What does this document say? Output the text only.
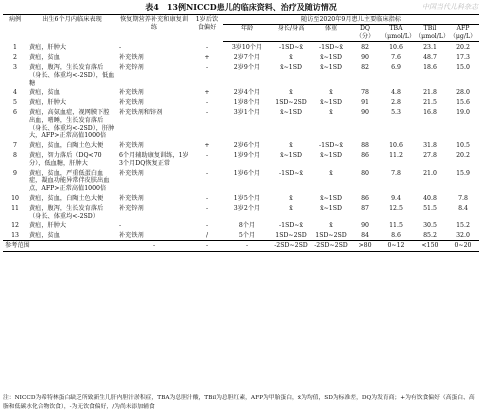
表4　13例NICCD患儿的临床资料、治疗及随访情况	中国当代儿科杂志
病例	出生6个月内临床表现	恢复期营养补充和康复训练	1岁后饮食偏好	随访至2020年9月患儿主要临床指标						
				年龄	身长/身高	体重	DQ（分）	TBA（μmol/L）	TBil（μmol/L）	AFP（μg/L）
1	黄疸，肝肿大	-	-	3岁10个月	-1SD~x̄	-1SD~x̄	82	10.6	23.1	20.2
2	黄疸，贫血	补充铁剂	+	2岁7个月	x̄	x̄~1SD	90	7.6	48.7	17.3
3	黄疸，腹泻，生长发育落后（身长、体重均<-2SD），低血糖	补充锌剂	-	2岁9个月	x̄~1SD	x̄~1SD	82	6.9	18.6	15.0
4	黄疸，贫血	补充铁剂	+	2岁4个月	x̄	x̄	78	4.8	21.8	28.0
5	黄疸，肝肿大	补充铁剂	-	1岁8个月	1SD~2SD	x̄~1SD	91	2.8	21.5	15.6
6	黄疸，高氨血症，视网膜下腔出血，嗜睡，生长发育落后（身长、体重均<-2SD），肝肿大，AFP>正常高值1000倍	补充铁剂和锌剂	-	3岁1个月	x̄~1SD	x̄	90	5.3	16.8	19.0
7	黄疸，贫血，白陶土色大便	补充铁剂	+	2岁6个月	x̄	-1SD~x̄	88	10.6	31.8	10.5
8	黄疸，智力落后（DQ<70分），低血糖，肝肿大	6个月辅助康复训练，1岁3个月DQ恢复正常	-	1岁9个月	x̄~1SD	x̄~1SD	86	11.2	27.8	20.2
9	黄疸，贫血，严重低蛋白血症，凝血功能异常伴皮肤出血点，AFP>正常高值1000倍	补充铁剂	-	1岁6个月	-1SD~x̄	x̄	80	7.8	21.0	15.9
10	黄疸，贫血，白陶土色大便	补充铁剂	-	1岁5个月	x̄	x̄~1SD	86	9.4	40.8	7.8
11	黄疸，腹泻，生长发育落后（身长、体重均<-2SD）	补充锌剂	-	3岁2个月	x̄	x̄~1SD	87	12.5	51.5	8.4
12	黄疸，肝肿大	-	-	8个月	-1SD~x̄	x̄	90	11.5	30.5	15.2
13	黄疸，贫血	补充铁剂	/	5个月	1SD~2SD	1SD~2SD	84	8.6	85.2	32.0
参考范围		-	-	-	-2SD~2SD	-2SD~2SD	>80	0~12	<150	0~20
注：NICCD为希特林蛋白缺乏所致新生儿肝内胆汁淤积症，TBA为总胆汁酸，TBil为总胆红素，AFP为甲胎蛋白，x̄为均值，SD为标准差，DQ为发育商；+为有饮食偏好（高蛋白、高脂和低碳水化合物饮食），-为无饮食偏好，/为尚未添加辅食
